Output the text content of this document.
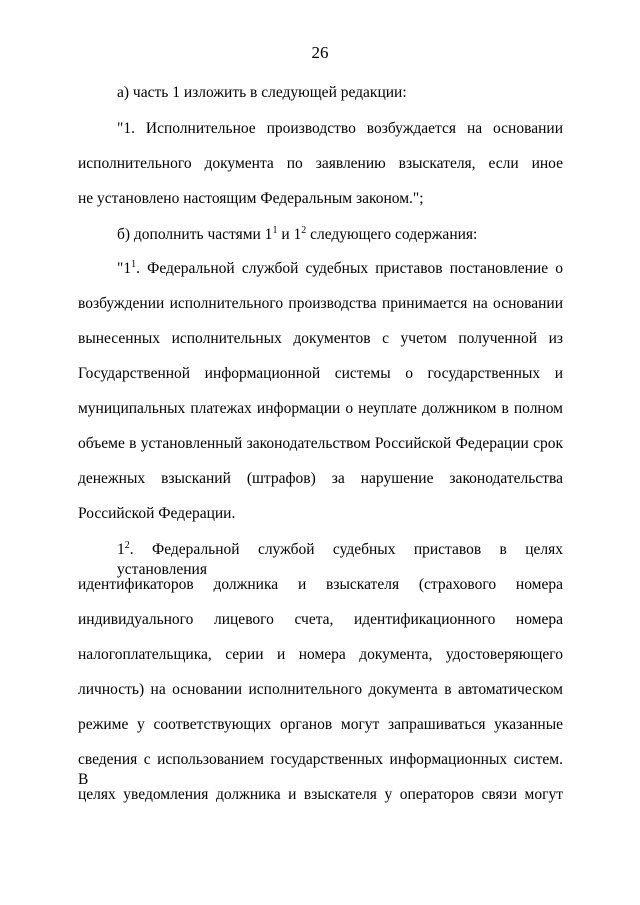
26
а) часть 1 изложить в следующей редакции:
"1. Исполнительное производство возбуждается на основании
исполнительного документа по заявлению взыскателя, если иное
не установлено настоящим Федеральным законом.";
б) дополнить частями $1^1$ и $1^2$ следующего содержания:
"$1^1$. Федеральной службой судебных приставов постановление о
возбуждении исполнительного производства принимается на основании
вынесенных исполнительных документов с учетом полученной из
Государственной информационной системы о государственных и
муниципальных платежах информации о неуплате должником в полном
объеме в установленный законодательством Российской Федерации срок
денежных взысканий (штрафов) за нарушение законодательства
Российской Федерации.
$1^2$. Федеральной службой судебных приставов в целях установления
идентификаторов должника и взыскателя (страхового номера
индивидуального лицевого счета, идентификационного номера
налогоплательщика, серии и номера документа, удостоверяющего
личность) на основании исполнительного документа в автоматическом
режиме у соответствующих органов могут запрашиваться указанные
сведения с использованием государственных информационных систем. В
целях уведомления должника и взыскателя у операторов связи могут
